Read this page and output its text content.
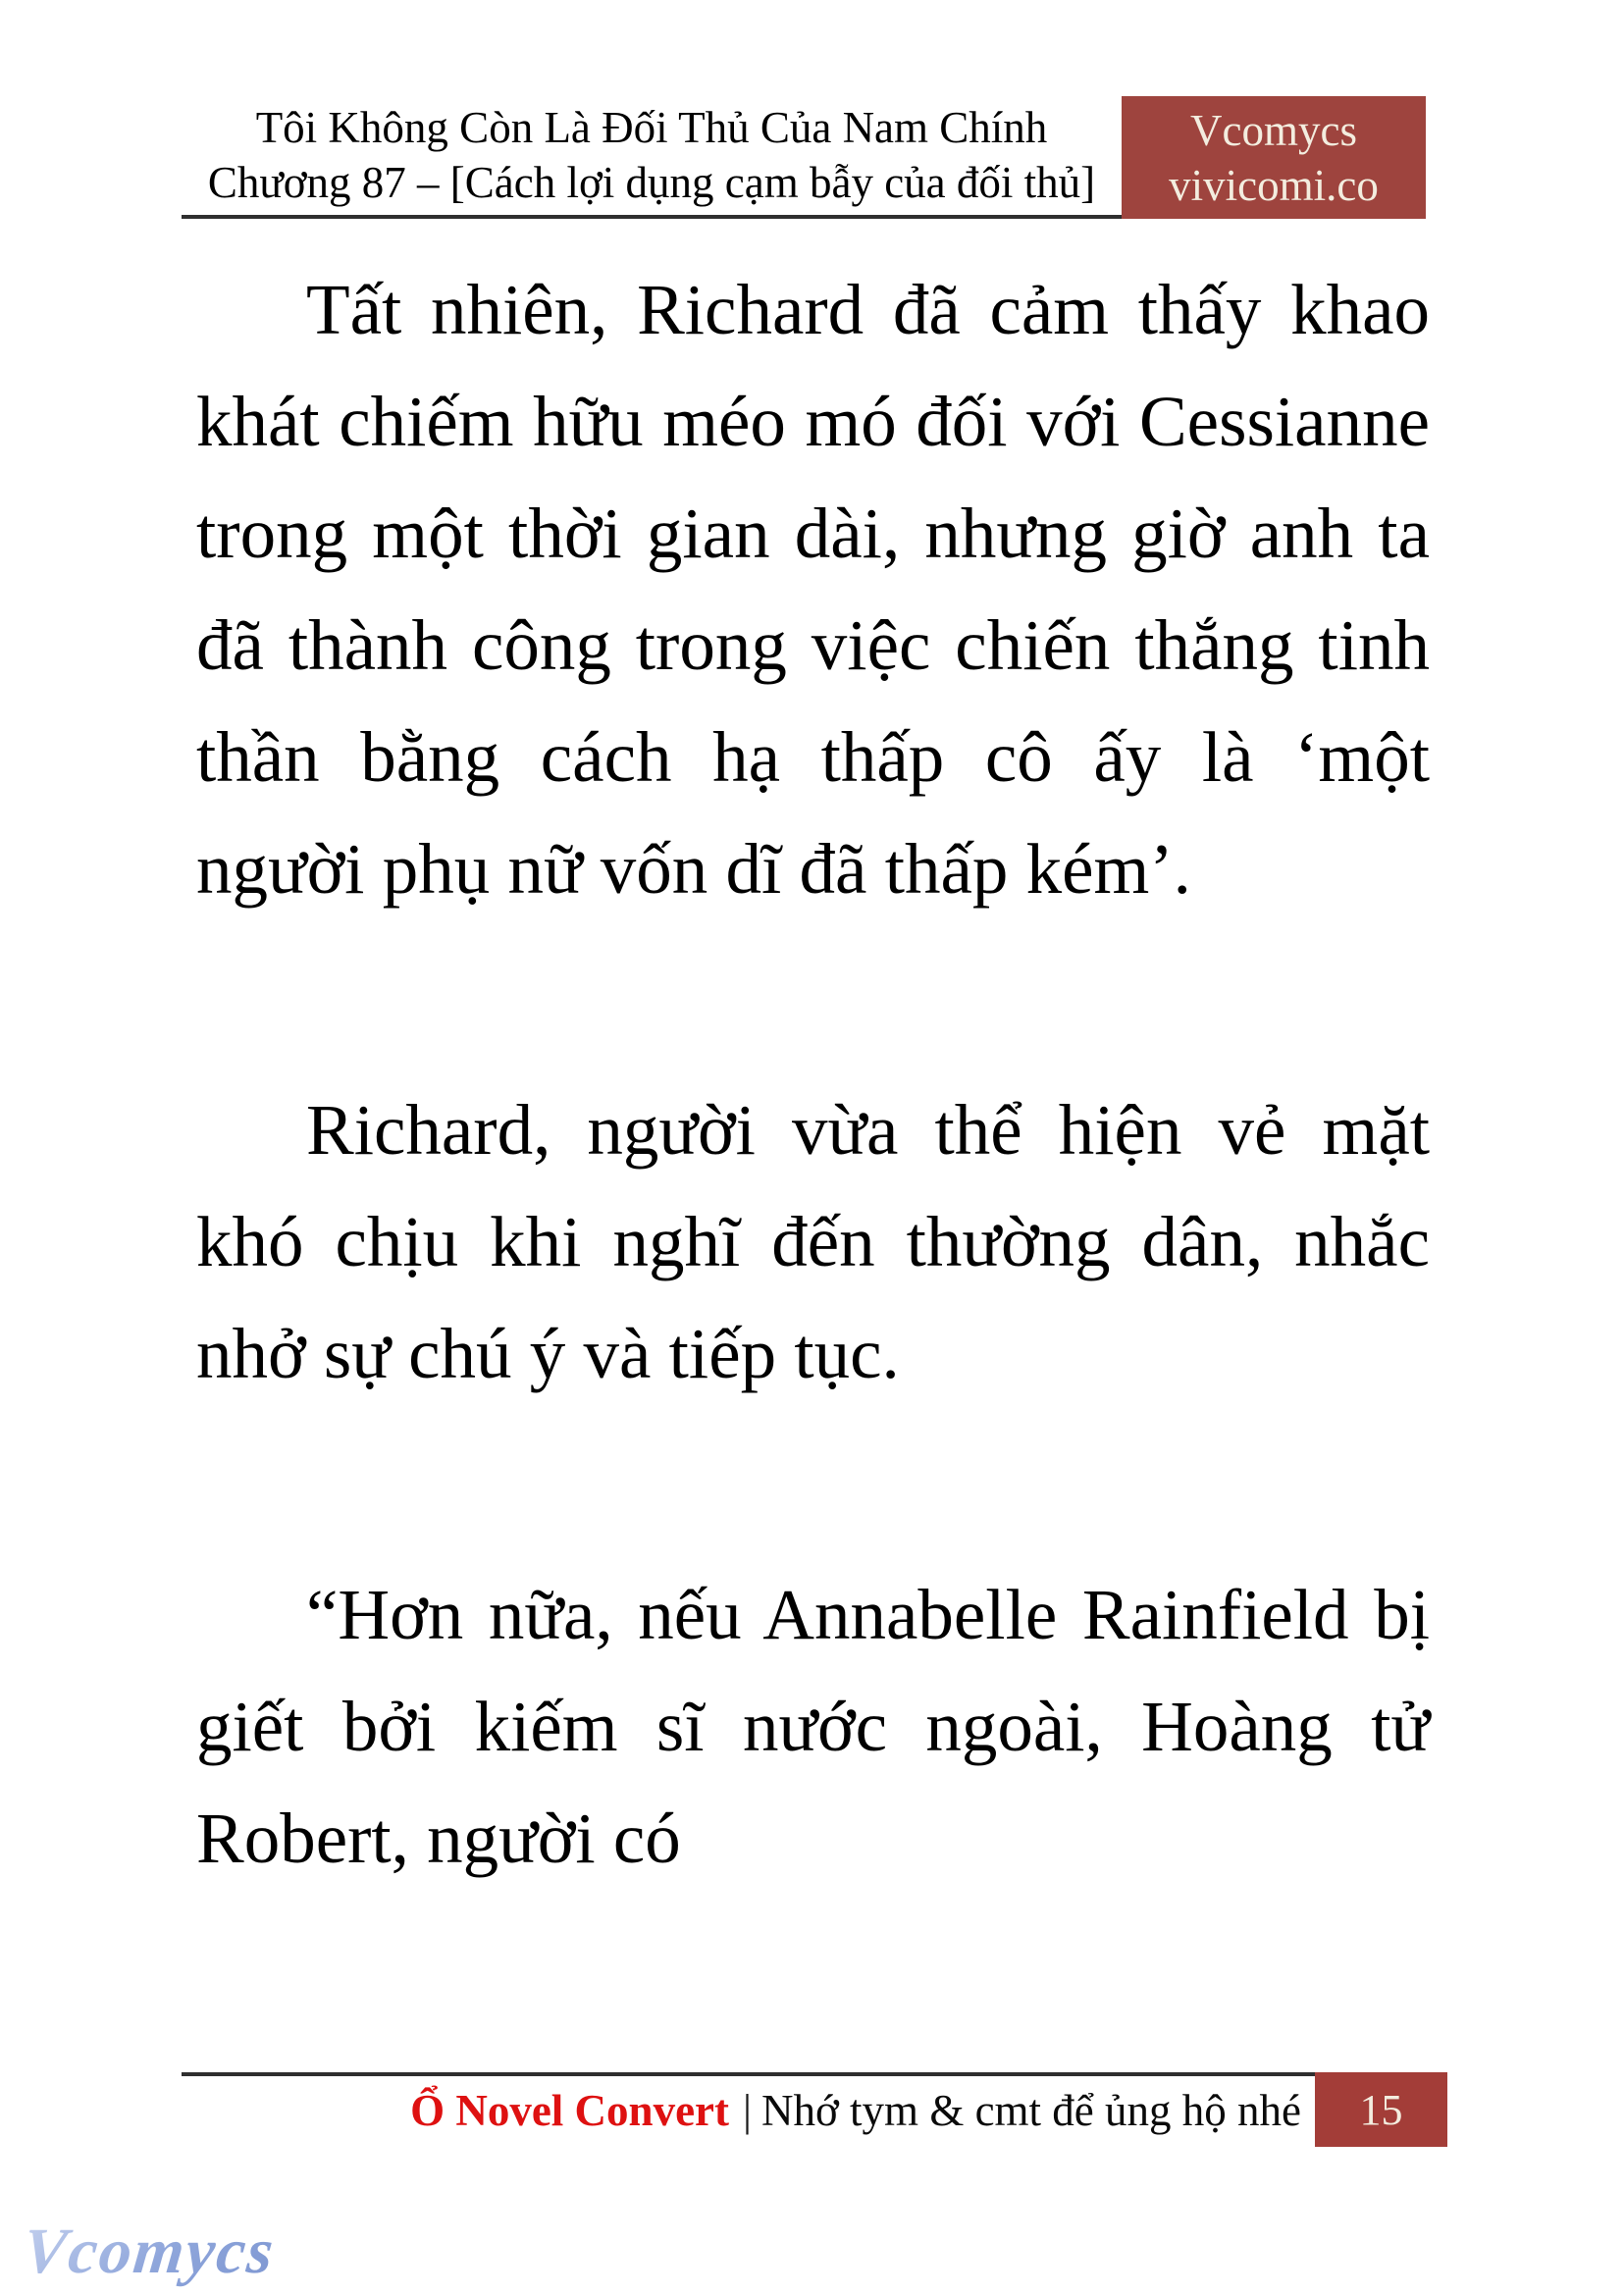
Tôi Không Còn Là Đối Thủ Của Nam Chính
Chương 87 – [Cách lợi dụng cạm bẫy của đối thủ]
Vcomycs
vivicomi.co

Tất nhiên, Richard đã cảm thấy khao khát chiếm hữu méo mó đối với Cessianne trong một thời gian dài, nhưng giờ anh ta đã thành công trong việc chiến thắng tinh thần bằng cách hạ thấp cô ấy là ‘một người phụ nữ vốn dĩ đã thấp kém’.

Richard, người vừa thể hiện vẻ mặt khó chịu khi nghĩ đến thường dân, nhắc nhở sự chú ý và tiếp tục.

“Hơn nữa, nếu Annabelle Rainfield bị giết bởi kiếm sĩ nước ngoài, Hoàng tử Robert, người có

Ổ Novel Convert | Nhớ tym & cmt để ủng hộ nhé	15
Vcomycs
